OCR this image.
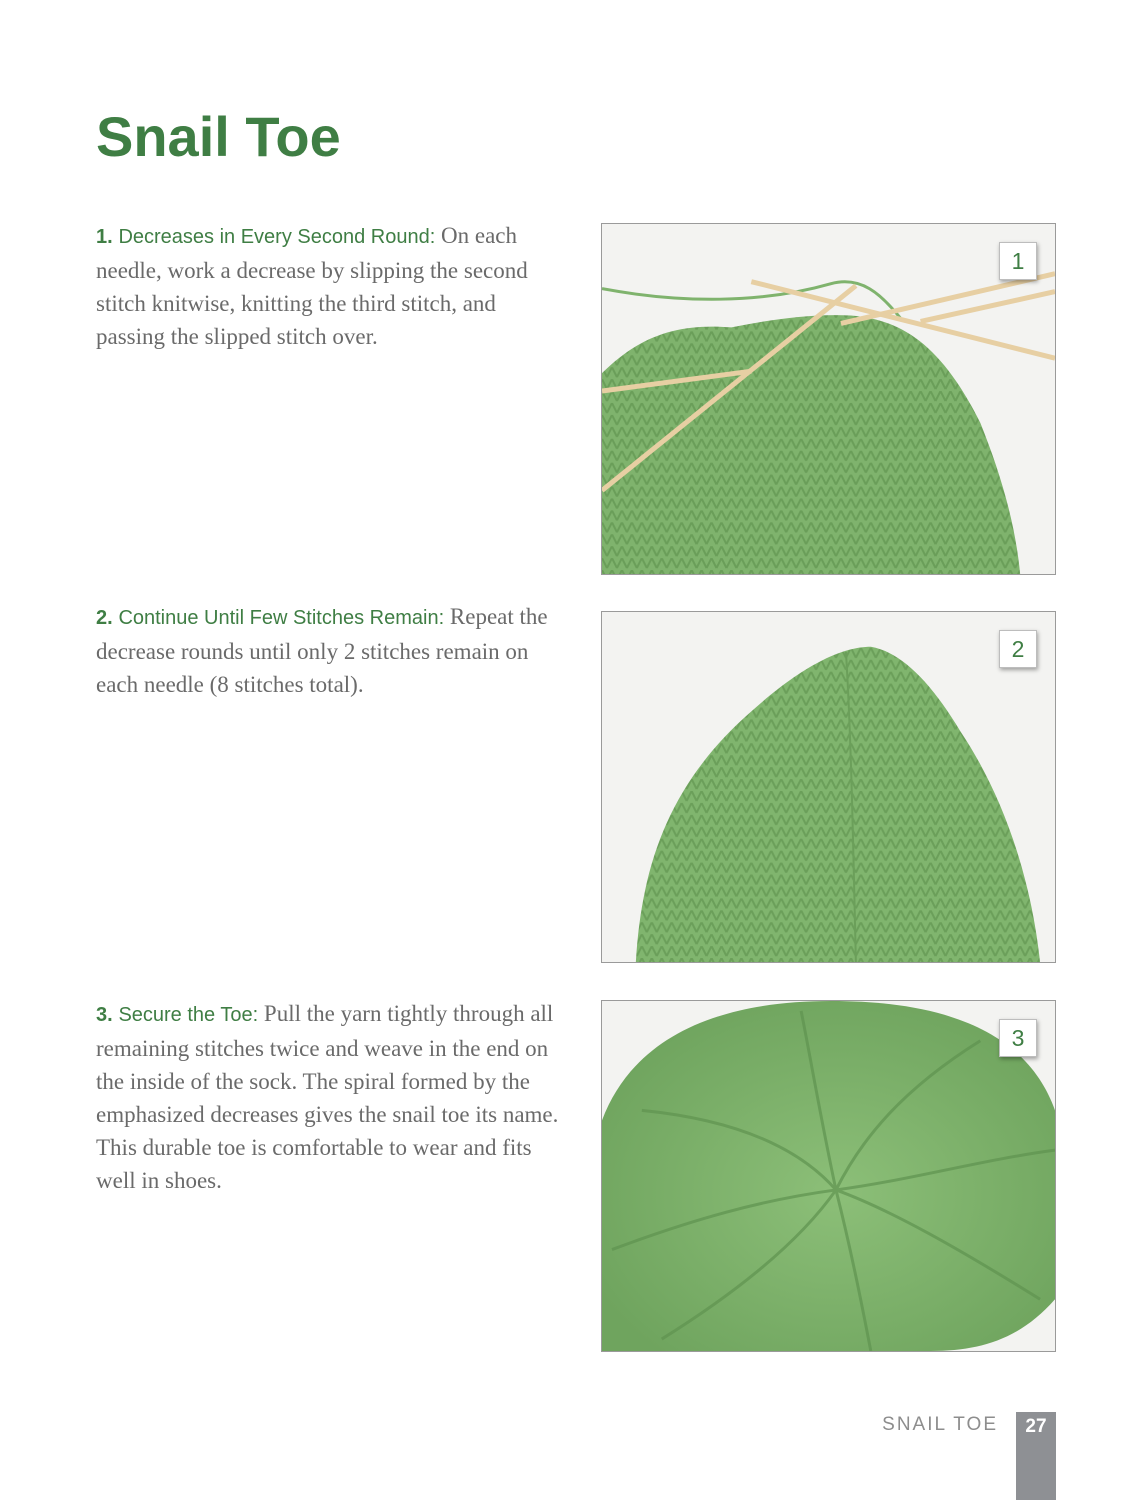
Snail Toe

1. Decreases in Every Second Round: On each needle, work a decrease by slipping the second stitch knitwise, knitting the third stitch, and passing the slipped stitch over.

1

2. Continue Until Few Stitches Remain: Repeat the decrease rounds until only 2 stitches remain on each needle (8 stitches total).

2

3. Secure the Toe: Pull the yarn tightly through all remaining stitches twice and weave in the end on the inside of the sock. The spiral formed by the emphasized decreases gives the snail toe its name. This durable toe is comfortable to wear and fits well in shoes.

3
SNAIL TOE	27
